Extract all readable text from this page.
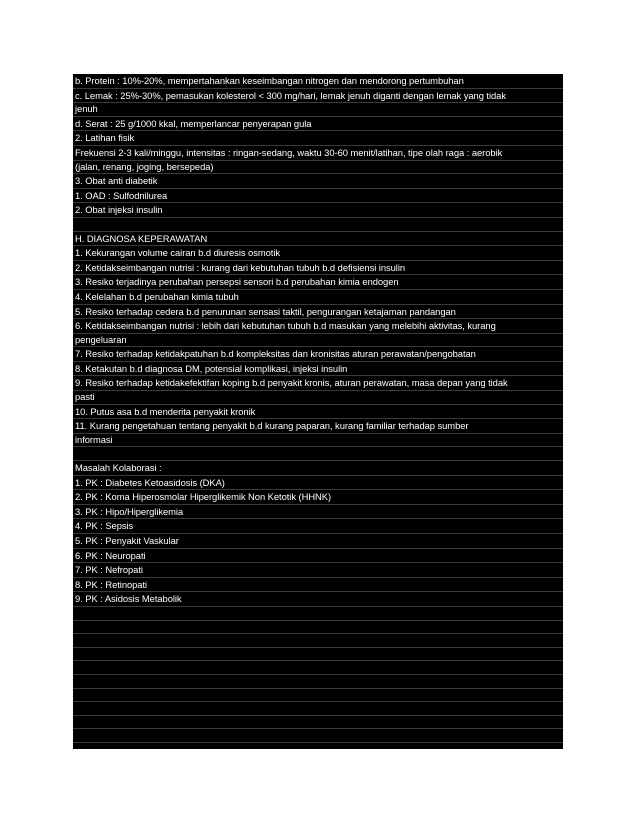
b. Protein : 10%-20%, mempertahankan keseimbangan nitrogen dan mendorong pertumbuhan
c. Lemak : 25%-30%, pemasukan kolesterol < 300 mg/hari, lemak jenuh diganti dengan lemak yang tidak
jenuh
d. Serat : 25 g/1000 kkal, memperlancar penyerapan gula
2. Latihan fisik
Frekuensi 2-3 kali/minggu, intensitas : ringan-sedang, waktu 30-60 menit/latihan, tipe olah raga : aerobik
(jalan, renang, joging, bersepeda)
3. Obat anti diabetik
1. OAD : Sulfodnilurea
2. Obat injeksi insulin
H. DIAGNOSA KEPERAWATAN
1. Kekurangan volume cairan b.d diuresis osmotik
2. Ketidakseimbangan nutrisi : kurang dari kebutuhan tubuh b.d defisiensi insulin
3. Resiko terjadinya perubahan persepsi sensori b.d perubahan kimia endogen
4. Kelelahan b.d perubahan kimia tubuh
5. Resiko terhadap cedera b.d penurunan sensasi taktil, pengurangan ketajaman pandangan
6. Ketidakseimbangan nutrisi : lebih dari kebutuhan tubuh b.d masukan yang melebihi aktivitas, kurang
pengeluaran
7. Resiko terhadap ketidakpatuhan b.d kompleksitas dan kronisitas aturan perawatan/pengobatan
8. Ketakutan b.d diagnosa DM, potensial komplikasi, injeksi insulin
9. Resiko terhadap ketidakefektifan koping b.d penyakit kronis, aturan perawatan, masa depan yang tidak
pasti
10. Putus asa b.d menderita penyakit kronik
11. Kurang pengetahuan tentang penyakit b.d kurang paparan, kurang familiar terhadap sumber
informasi
Masalah Kolaborasi :
1. PK : Diabetes Ketoasidosis (DKA)
2. PK : Koma Hiperosmolar Hiperglikemik Non Ketotik (HHNK)
3. PK : Hipo/Hiperglikemia
4. PK : Sepsis
5. PK : Penyakit Vaskular
6. PK : Neuropati
7. PK : Nefropati
8. PK : Retinopati
9. PK : Asidosis Metabolik
